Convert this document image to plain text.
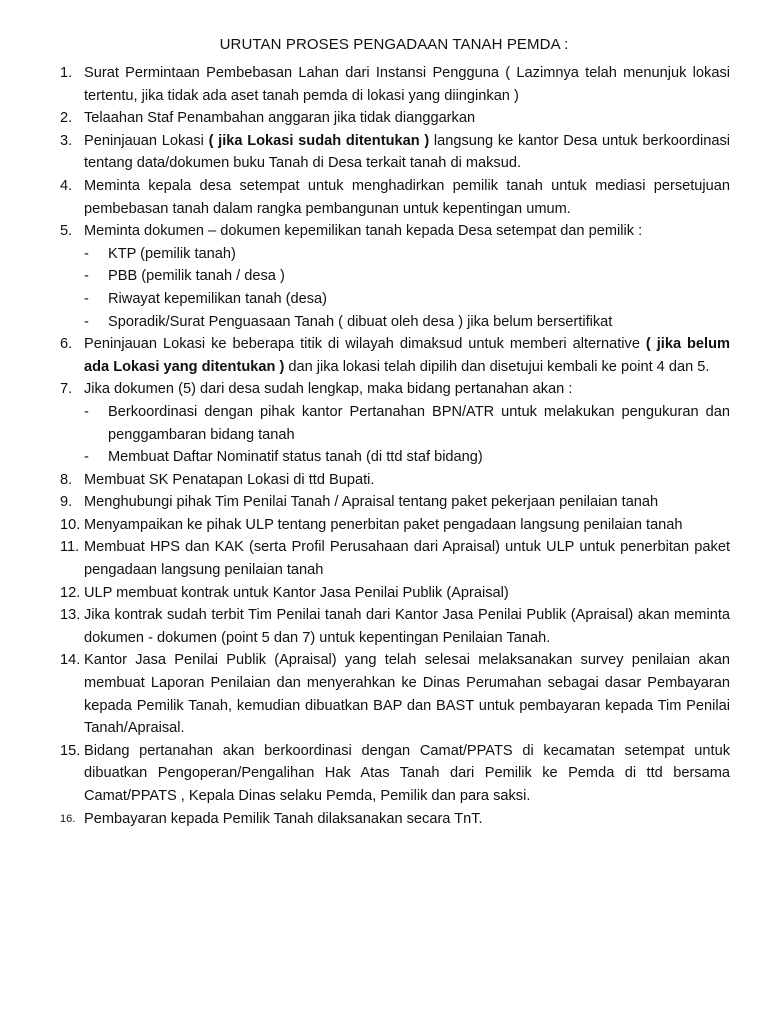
URUTAN PROSES PENGADAAN TANAH PEMDA :
1. Surat Permintaan Pembebasan Lahan dari Instansi Pengguna ( Lazimnya telah menunjuk lokasi tertentu, jika tidak ada aset tanah pemda di lokasi yang diinginkan )
2. Telaahan Staf Penambahan anggaran jika tidak dianggarkan
3. Peninjauan Lokasi ( jika Lokasi sudah ditentukan ) langsung ke kantor Desa untuk berkoordinasi tentang data/dokumen buku Tanah di Desa terkait tanah di maksud.
4. Meminta kepala desa setempat untuk menghadirkan pemilik tanah untuk mediasi persetujuan pembebasan tanah dalam rangka pembangunan untuk kepentingan umum.
5. Meminta dokumen – dokumen kepemilikan tanah kepada Desa setempat dan pemilik :
- KTP (pemilik tanah)
- PBB (pemilik tanah / desa )
- Riwayat kepemilikan tanah (desa)
- Sporadik/Surat Penguasaan Tanah ( dibuat oleh desa ) jika belum bersertifikat
6. Peninjauan Lokasi ke beberapa titik di wilayah dimaksud untuk memberi alternative ( jika belum ada Lokasi yang ditentukan ) dan jika lokasi telah dipilih dan disetujui kembali ke point 4 dan 5.
7. Jika dokumen (5) dari desa sudah lengkap, maka bidang pertanahan akan :
- Berkoordinasi dengan pihak kantor Pertanahan BPN/ATR untuk melakukan pengukuran dan penggambaran bidang tanah
- Membuat Daftar Nominatif status tanah (di ttd staf bidang)
8. Membuat SK Penatapan Lokasi di ttd Bupati.
9. Menghubungi pihak Tim Penilai Tanah / Apraisal tentang paket pekerjaan penilaian tanah
10. Menyampaikan ke pihak ULP tentang penerbitan paket pengadaan langsung penilaian tanah
11. Membuat HPS dan KAK (serta Profil Perusahaan dari Apraisal) untuk ULP untuk penerbitan paket pengadaan langsung penilaian tanah
12. ULP membuat kontrak untuk Kantor Jasa Penilai Publik (Apraisal)
13. Jika kontrak sudah terbit Tim Penilai tanah dari Kantor Jasa Penilai Publik (Apraisal) akan meminta dokumen - dokumen (point 5 dan 7) untuk kepentingan Penilaian Tanah.
14. Kantor Jasa Penilai Publik (Apraisal) yang telah selesai melaksanakan survey penilaian akan membuat Laporan Penilaian dan menyerahkan ke Dinas Perumahan sebagai dasar Pembayaran kepada Pemilik Tanah, kemudian dibuatkan BAP dan BAST untuk pembayaran kepada Tim Penilai Tanah/Apraisal.
15. Bidang pertanahan akan berkoordinasi dengan Camat/PPATS di kecamatan setempat untuk dibuatkan Pengoperan/Pengalihan Hak Atas Tanah dari Pemilik ke Pemda di ttd bersama Camat/PPATS , Kepala Dinas selaku Pemda, Pemilik dan para saksi.
16. Pembayaran kepada Pemilik Tanah dilaksanakan secara TnT.
